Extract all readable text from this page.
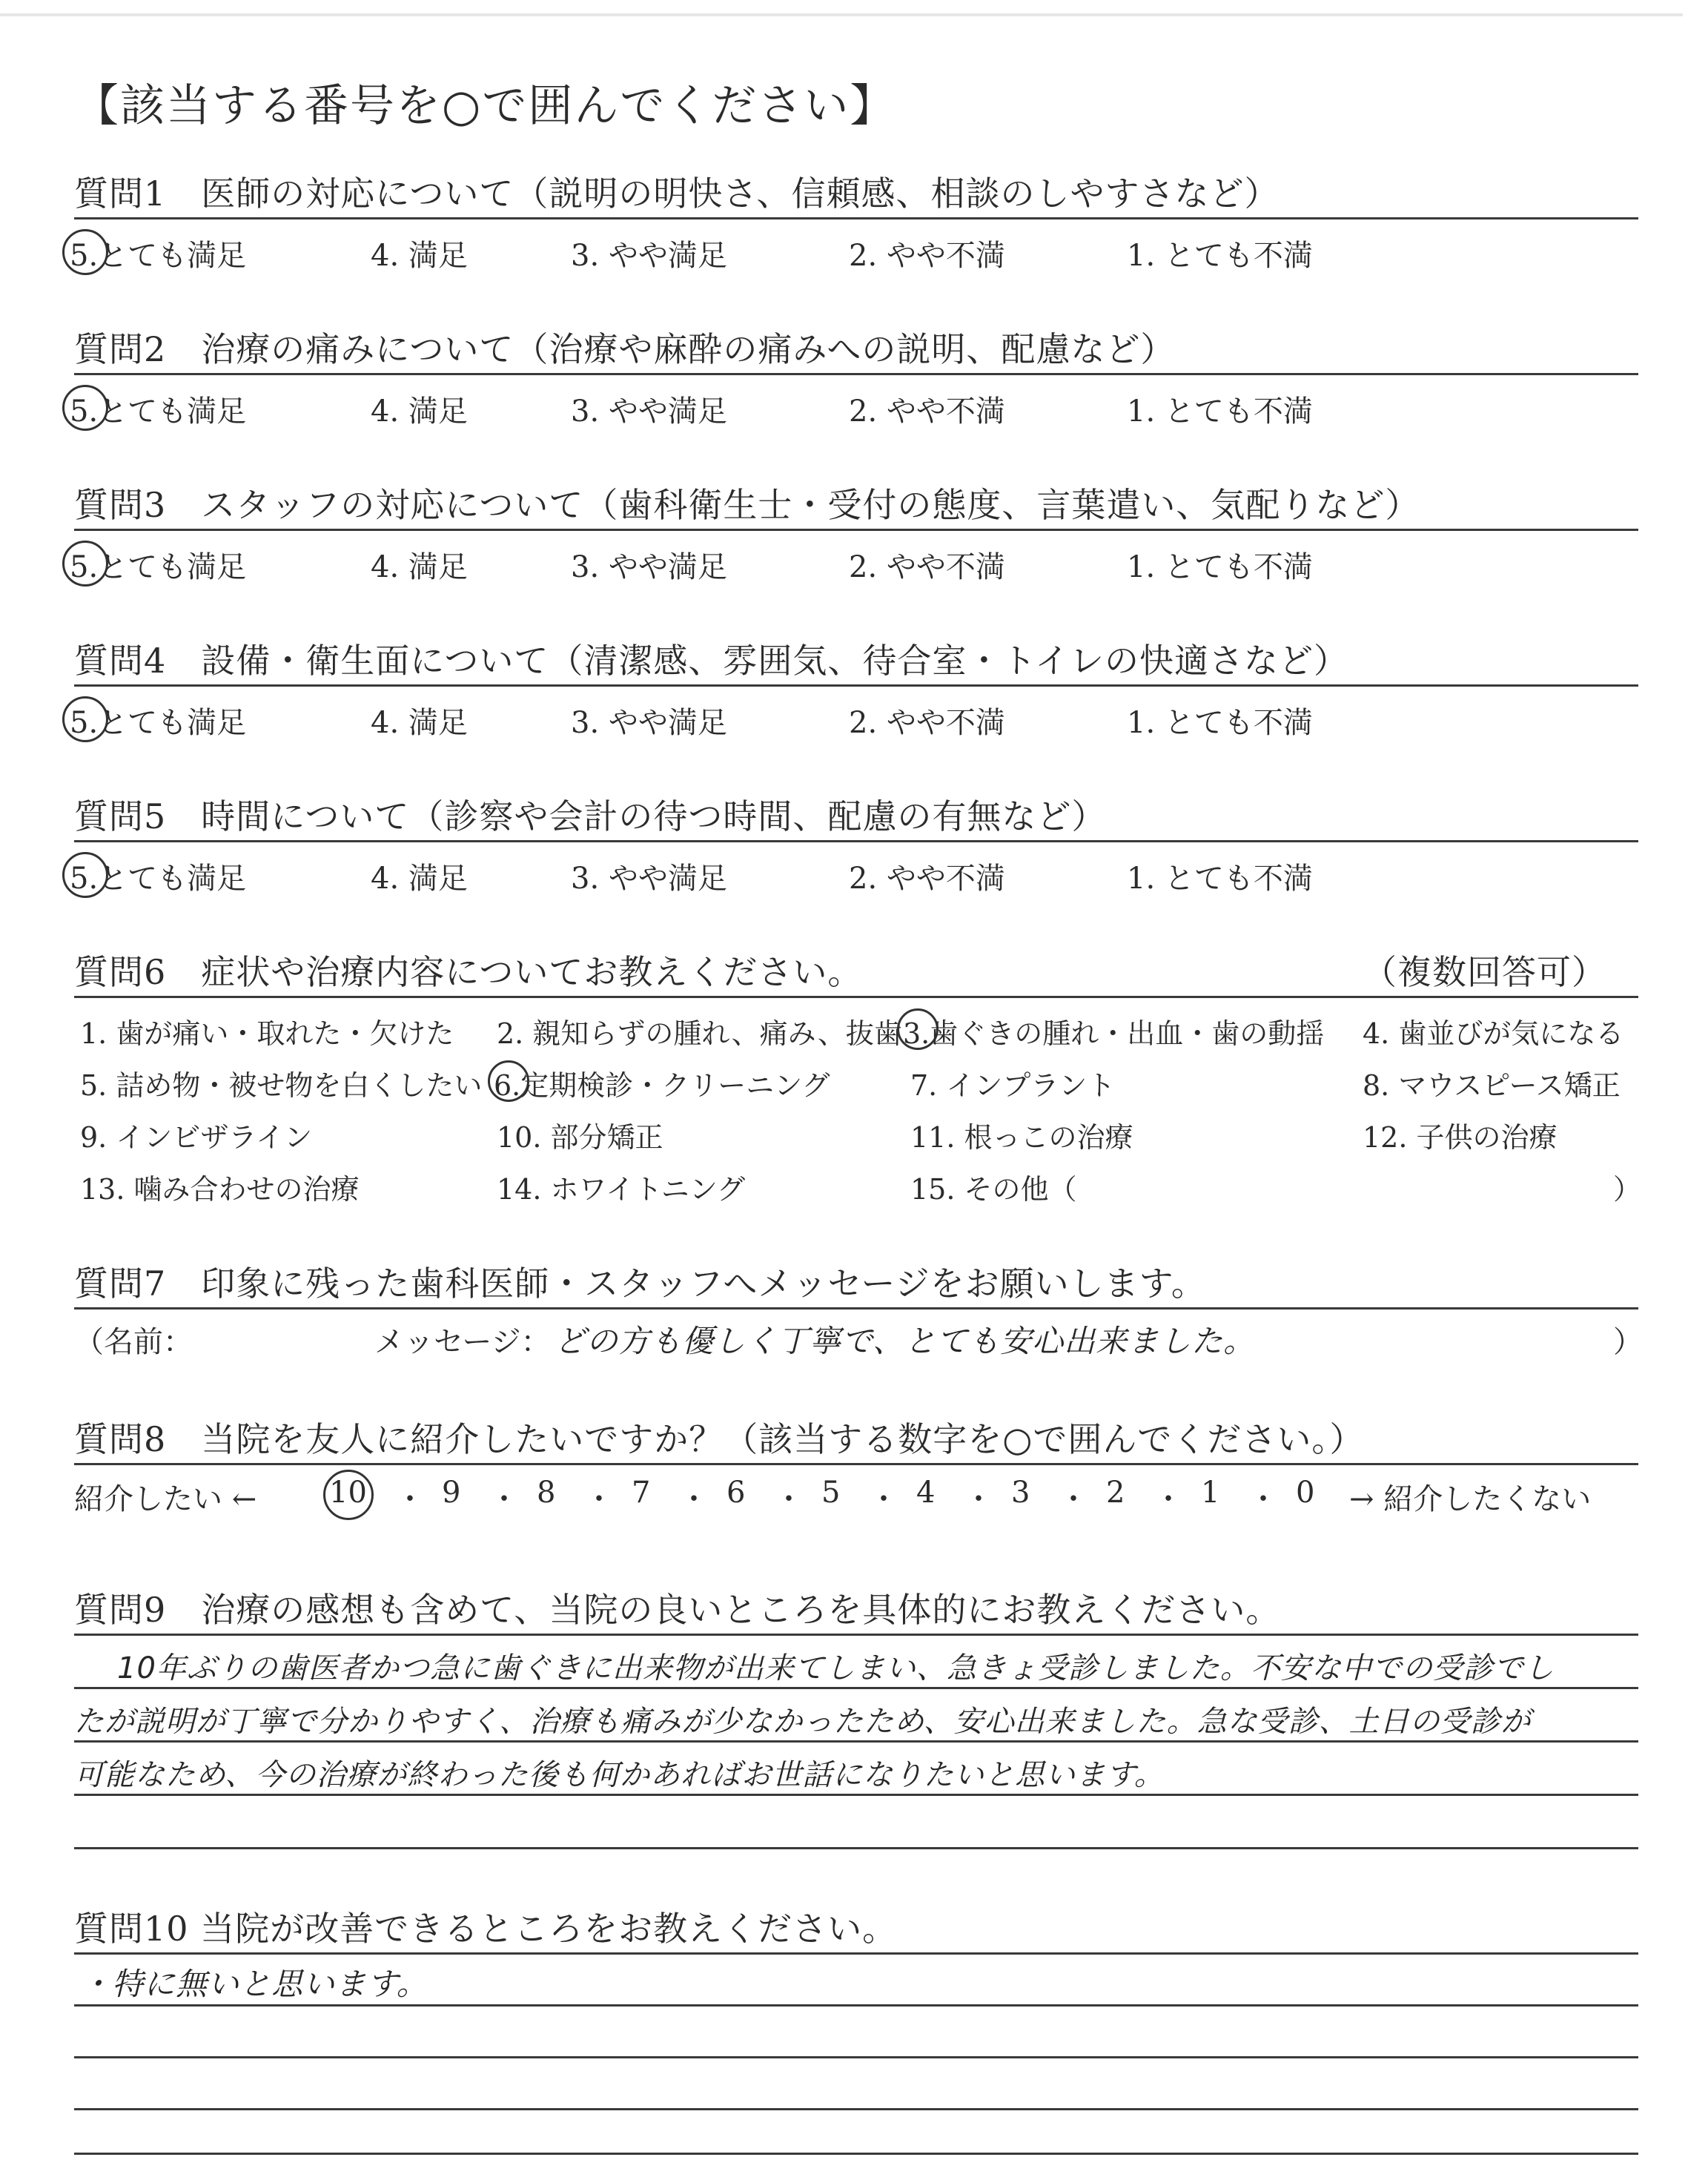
【該当する番号を○で囲んでください】
質問1　医師の対応について（説明の明快さ、信頼感、相談のしやすさなど）
5.とても満足	4. 満足	3. やや満足	2. やや不満	1. とても不満
質問2　治療の痛みについて（治療や麻酔の痛みへの説明、配慮など）
5.とても満足	4. 満足	3. やや満足	2. やや不満	1. とても不満
質問3　スタッフの対応について（歯科衛生士・受付の態度、言葉遣い、気配りなど）
5.とても満足	4. 満足	3. やや満足	2. やや不満	1. とても不満
質問4　設備・衛生面について（清潔感、雰囲気、待合室・トイレの快適さなど）
5.とても満足	4. 満足	3. やや満足	2. やや不満	1. とても不満
質問5　時間について（診察や会計の待つ時間、配慮の有無など）
5.とても満足	4. 満足	3. やや満足	2. やや不満	1. とても不満
質問6　症状や治療内容についてお教えください。	（複数回答可）
1. 歯が痛い・取れた・欠けた 2. 親知らずの腫れ、痛み、抜歯 3.歯ぐきの腫れ・出血・歯の動揺 4. 歯並びが気になる
5. 詰め物・被せ物を白くしたい 6.定期検診・クリーニング	7. インプラント	8. マウスピース矯正
9. インビザライン	10. 部分矯正	11. 根っこの治療	12. 子供の治療
13. 噛み合わせの治療	14. ホワイトニング	15. その他（	）
質問7　印象に残った歯科医師・スタッフへメッセージをお願いします。
（名前：	メッセージ： どの方も優しく丁寧で、とても安心出来ました。	）
質問8　当院を友人に紹介したいですか？（該当する数字を○で囲んでください。）
紹介したい ← 10 ・ 9 ・ 8 ・ 7 ・ 6 ・ 5 ・ 4 ・ 3 ・ 2 ・ 1 ・ 0 → 紹介したくない
質問9　治療の感想も含めて、当院の良いところを具体的にお教えください。
10年ぶりの歯医者かつ急に歯ぐきに出来物が出来てしまい、急きょ受診しました。不安な中での受診でし
たが説明が丁寧で分かりやすく、治療も痛みが少なかったため、安心出来ました。急な受診、土日の受診が
可能なため、今の治療が終わった後も何かあればお世話になりたいと思います。
質問10 当院が改善できるところをお教えください。
・特に無いと思います。
